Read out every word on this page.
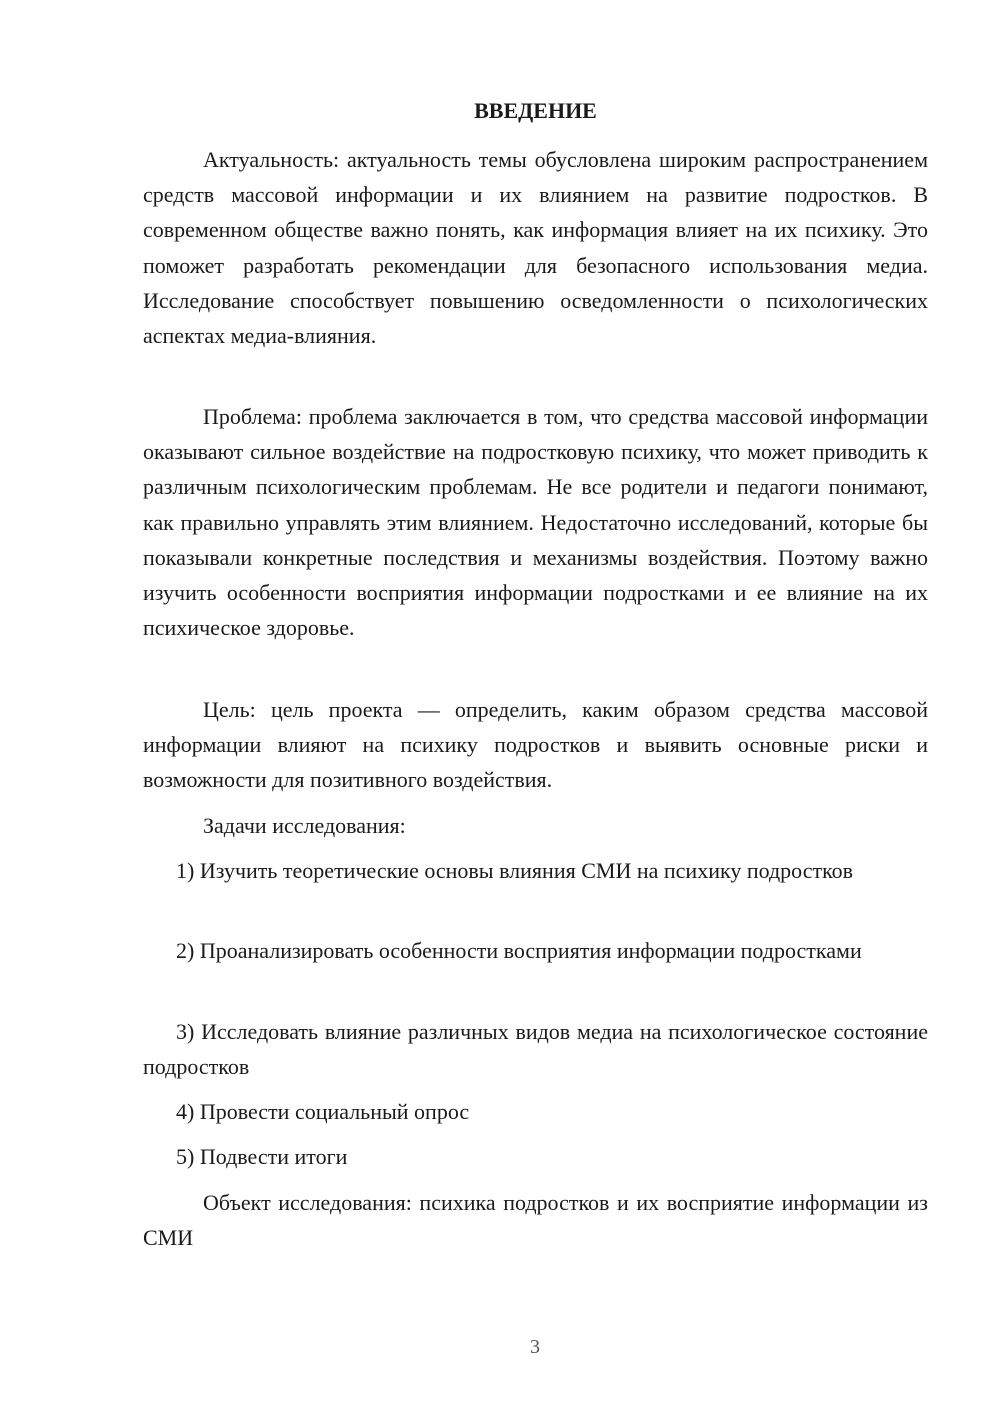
ВВЕДЕНИЕ

Актуальность: актуальность темы обусловлена широким распространением средств массовой информации и их влиянием на развитие подростков. В современном обществе важно понять, как информация влияет на их психику. Это поможет разработать рекомендации для безопасного использования медиа. Исследование способствует повышению осведомленности о психологических аспектах медиа-влияния.

Проблема: проблема заключается в том, что средства массовой информации оказывают сильное воздействие на подростковую психику, что может приводить к различным психологическим проблемам. Не все родители и педагоги понимают, как правильно управлять этим влиянием. Недостаточно исследований, которые бы показывали конкретные последствия и механизмы воздействия. Поэтому важно изучить особенности восприятия информации подростками и ее влияние на их психическое здоровье.

Цель: цель проекта — определить, каким образом средства массовой информации влияют на психику подростков и выявить основные риски и возможности для позитивного воздействия.

Задачи исследования:

1) Изучить теоретические основы влияния СМИ на психику подростков

2) Проанализировать особенности восприятия информации подростками

3) Исследовать влияние различных видов медиа на психологическое состояние подростков

4) Провести социальный опрос

5) Подвести итоги

Объект исследования: психика подростков и их восприятие информации из СМИ

3
